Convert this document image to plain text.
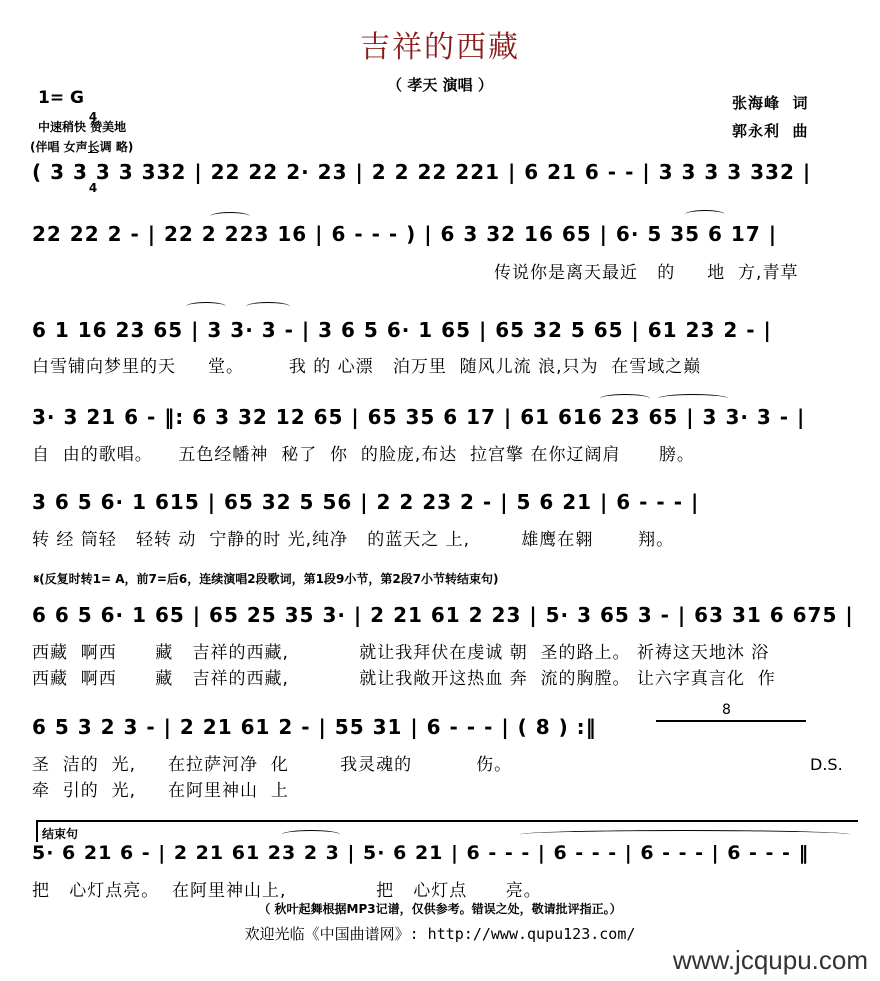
吉祥的西藏
（ 孝天 演唱 ）
1= G

4

4

中速稍快 赞美地
(伴唱 女声长调 略)
张海峰  词
郭永利  曲
( 3 3 3 3 332 | 22 22 2· 23 | 2 2 22 221 | 6 21 6 - - | 3 3 3 3 332 |
22 22 2 - | 22 2 223 16 | 6 - - - ) | 6 3 32 16 65 | 6· 5 35 6 17 |
传说你是离天最近   的     地  方,青草
6 1 16 23 65 | 3 3· 3 - | 3 6 5 6· 1 65 | 65 32 5 65 | 61 23 2 - |
白雪铺向梦里的天     堂。       我 的 心漂   泊万里  随风儿流 浪,只为  在雪域之巅
3· 3 21 6 - ‖: 6 3 32 12 65 | 65 35 6 17 | 61 616 23 65 | 3 3· 3 - |
自  由的歌唱。    五色经幡神  秘了  你  的脸庞,布达  拉宫擎 在你辽阔肩      膀。
3 6 5 6· 1 615 | 65 32 5 56 | 2 2 23 2 - | 5 6 21 | 6 - - - |
转 经 筒轻   轻转 动  宁静的时 光,纯净   的蓝天之 上,        雄鹰在翱       翔。
𝄋(反复时转1= A，前7=后6，连续演唱2段歌词，第1段9小节，第2段7小节转结束句)
6 6 5 6· 1 65 | 65 25 35 3· | 2 21 61 2 23 | 5· 3 65 3 - | 63 31 6 675 |
西藏  啊西      藏   吉祥的西藏,           就让我拜伏在虔诚 朝  圣的路上。 祈祷这天地沐 浴
西藏  啊西      藏   吉祥的西藏,           就让我敞开这热血 奔  流的胸膛。 让六字真言化  作
6 5 3 2 3 - | 2 21 61 2 - | 55 31 | 6 - - - | ( 8 ) :‖
8
圣  洁的  光,     在拉萨河净  化        我灵魂的          伤。	D.S.
牵  引的  光,     在阿里神山  上
结束句
5· 6 21 6 - | 2 21 61 23 2 3 | 5· 6 21 | 6 - - - | 6 - - - | 6 - - - | 6 - - - ‖
把   心灯点亮。  在阿里神山上,              把   心灯点      亮。
（ 秋叶起舞根据MP3记谱，仅供参考。错误之处，敬请批评指正。）
欢迎光临《中国曲谱网》: http://www.qupu123.com/
www.jcqupu.com
